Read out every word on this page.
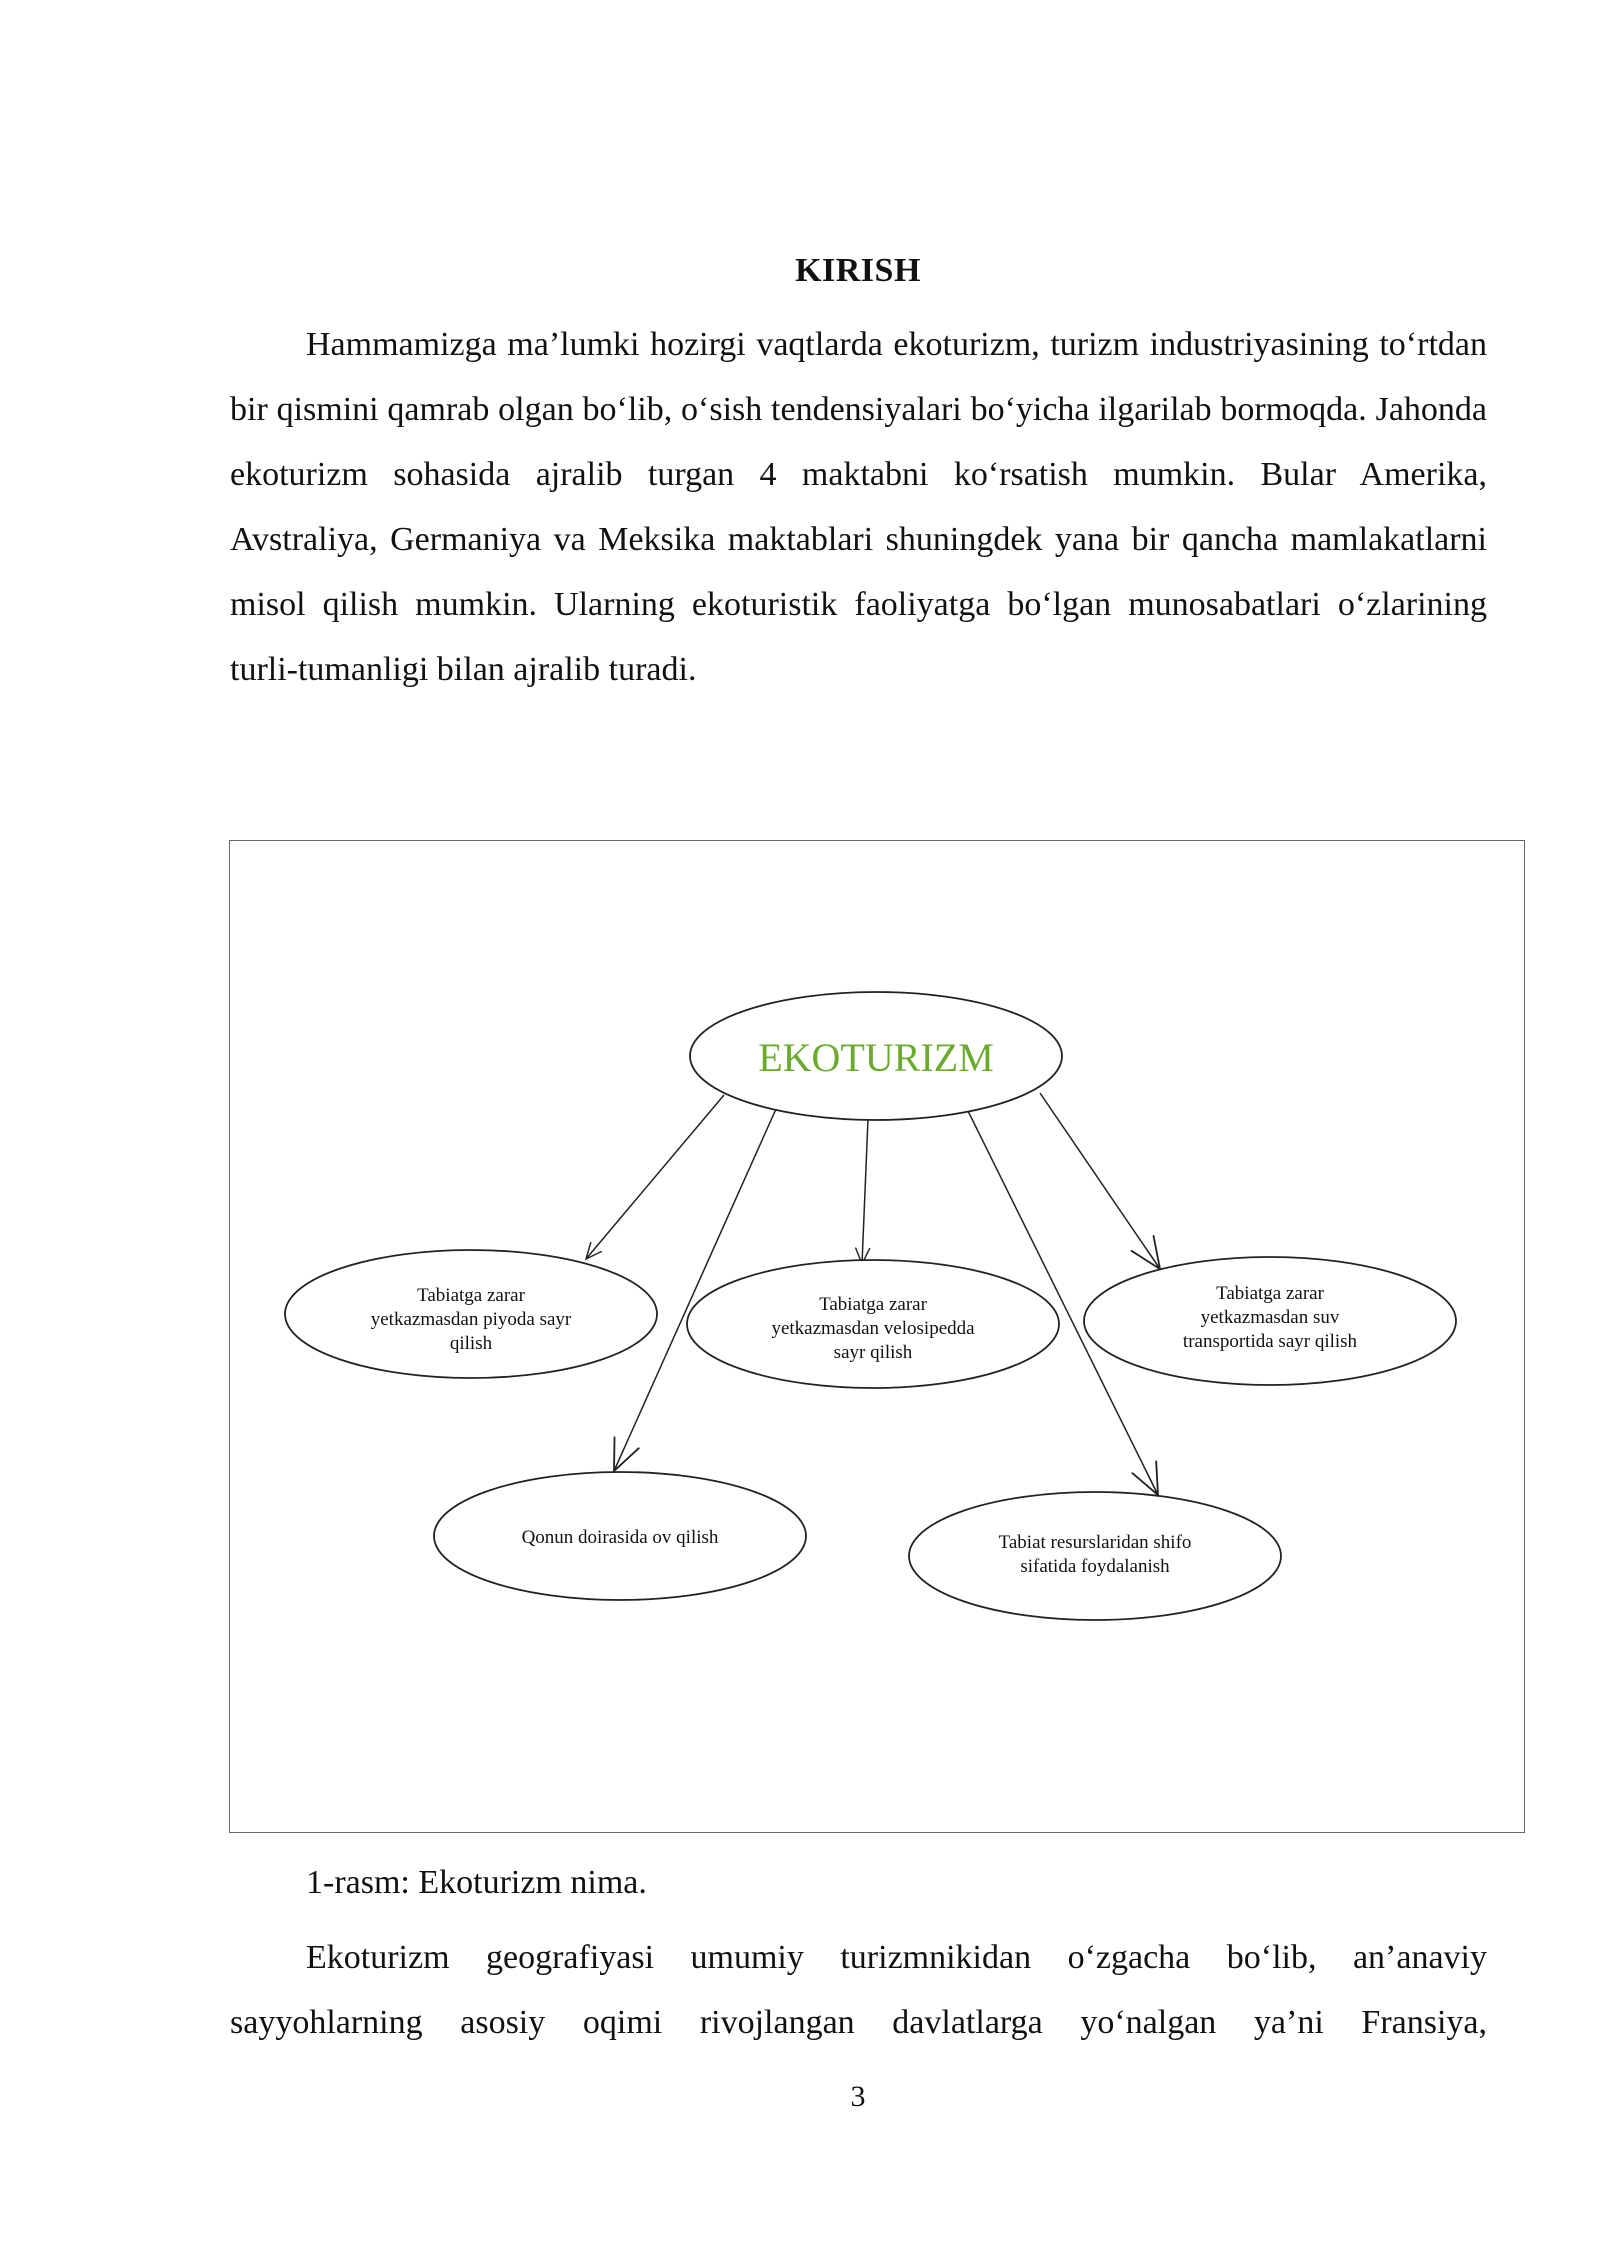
KIRISH

Hammamizga ma’lumki hozirgi vaqtlarda ekoturizm, turizm industriyasining to‘rtdan bir qismini qamrab olgan bo‘lib, o‘sish tendensiyalari bo‘yicha ilgarilab bormoqda. Jahonda ekoturizm sohasida ajralib turgan 4 maktabni ko‘rsatish mumkin. Bular Amerika, Avstraliya, Germaniya va Meksika maktablari shuningdek yana bir qancha mamlakatlarni misol qilish mumkin. Ularning ekoturistik faoliyatga bo‘lgan munosabatlari o‘zlarining turli-tumanligi bilan ajralib turadi.

EKOTURIZM
Tabiatga zarar
yetkazmasdan piyoda sayr
qilish
Tabiatga zarar
yetkazmasdan velosipedda
sayr qilish
Tabiatga zarar
yetkazmasdan suv
transportida sayr qilish
Qonun doirasida ov qilish	Tabiat resurslaridan shifo
sifatida foydalanish
1-rasm: Ekoturizm nima.

Ekoturizm geografiyasi umumiy turizmnikidan o‘zgacha bo‘lib, an’anaviy sayyohlarning asosiy oqimi rivojlangan davlatlarga yo‘nalgan ya’ni Fransiya,

3
